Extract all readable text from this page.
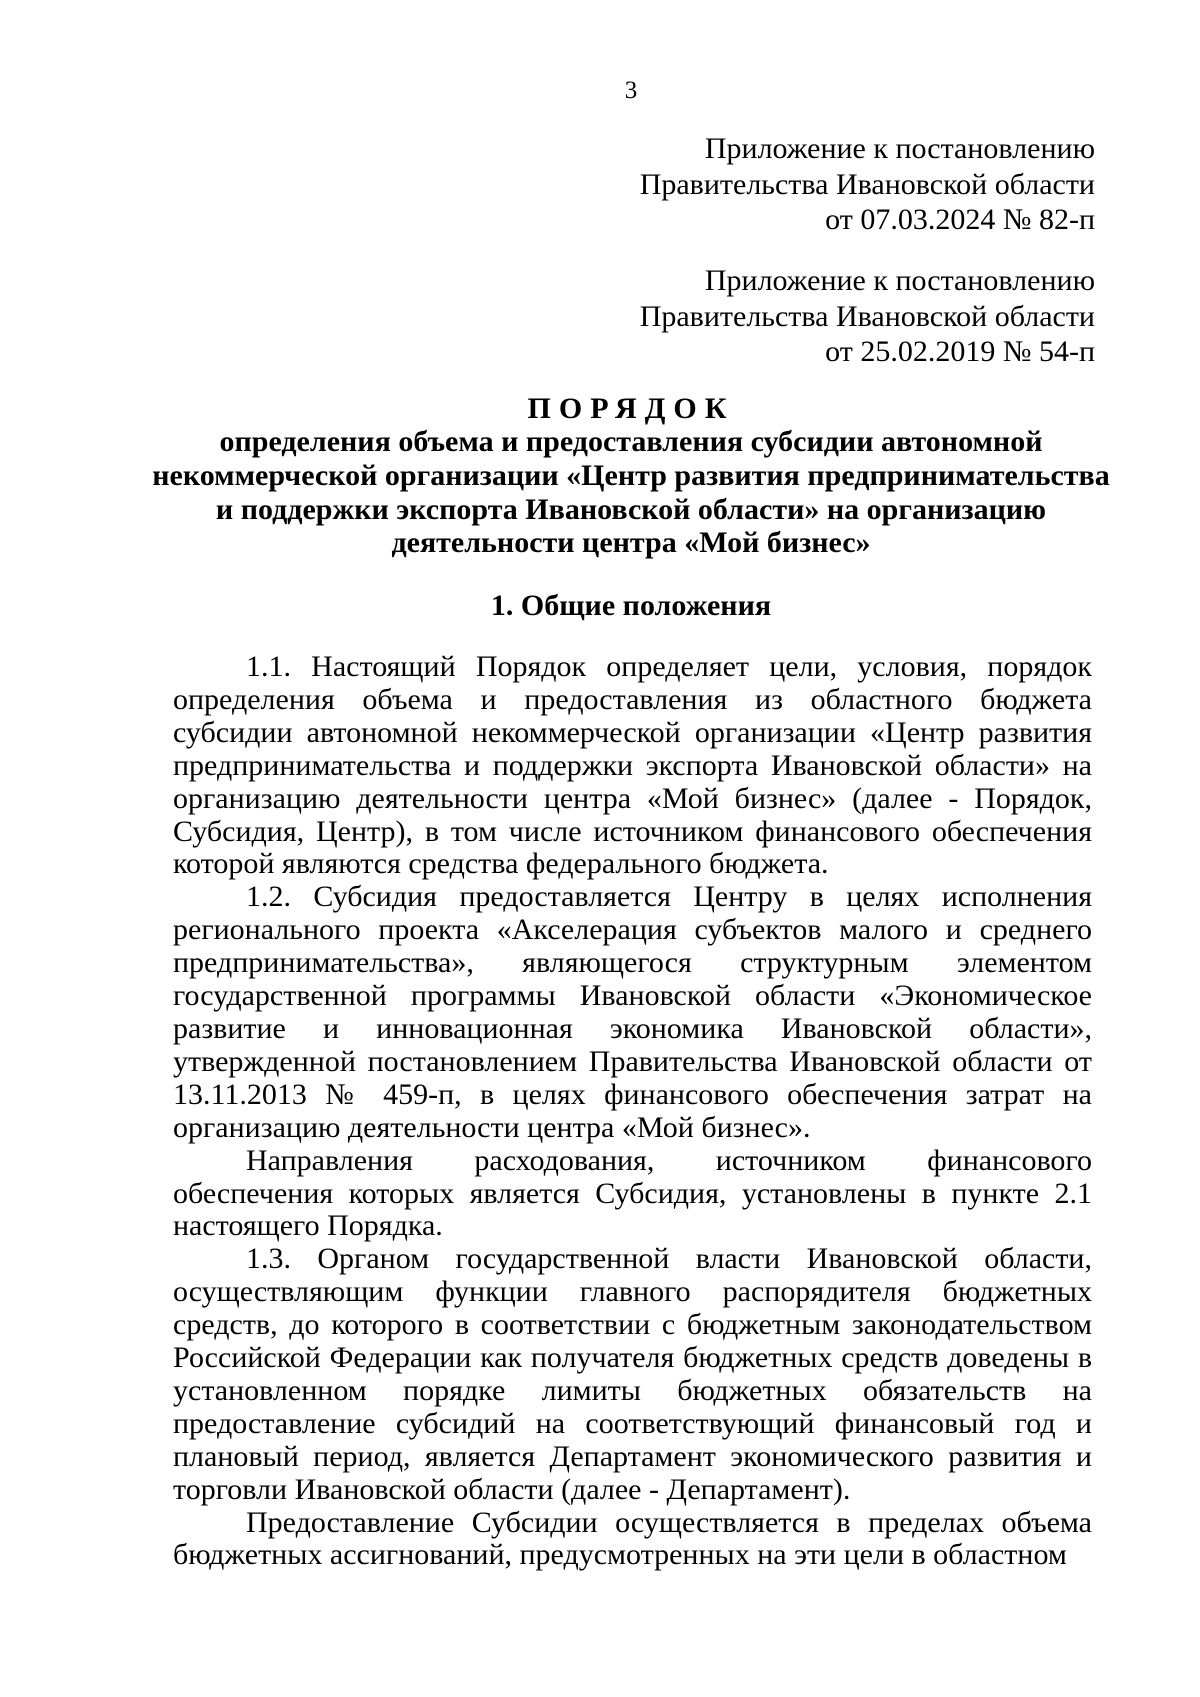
3
Приложение к постановлению
Правительства Ивановской области
от 07.03.2024 № 82-п
Приложение к постановлению
Правительства Ивановской области
от 25.02.2019 № 54-п
ПОРЯДОК
определения объема и предоставления субсидии автономной
некоммерческой организации «Центр развития предпринимательства
и поддержки экспорта Ивановской области» на организацию
деятельности центра «Мой бизнес»
1. Общие положения

1.1. Настоящий Порядок определяет цели, условия, порядок определения объема и предоставления из областного бюджета субсидии автономной некоммерческой организации «Центр развития предпринимательства и поддержки экспорта Ивановской области» на организацию деятельности центра «Мой бизнес» (далее - Порядок, Субсидия, Центр), в том числе источником финансового обеспечения которой являются средства федерального бюджета.

1.2. Субсидия предоставляется Центру в целях исполнения регионального проекта «Акселерация субъектов малого и среднего предпринимательства», являющегося структурным элементом государственной программы Ивановской области «Экономическое развитие и инновационная экономика Ивановской области», утвержденной постановлением Правительства Ивановской области от 13.11.2013 № 459-п, в целях финансового обеспечения затрат на организацию деятельности центра «Мой бизнес».

Направления расходования, источником финансового обеспечения которых является Субсидия, установлены в пункте 2.1 настоящего Порядка.

1.3. Органом государственной власти Ивановской области, осуществляющим функции главного распорядителя бюджетных средств, до которого в соответствии с бюджетным законодательством Российской Федерации как получателя бюджетных средств доведены в установленном порядке лимиты бюджетных обязательств на предоставление субсидий на соответствующий финансовый год и плановый период, является Департамент экономического развития и торговли Ивановской области (далее - Департамент).

Предоставление Субсидии осуществляется в пределах объема бюджетных ассигнований, предусмотренных на эти цели в областном
